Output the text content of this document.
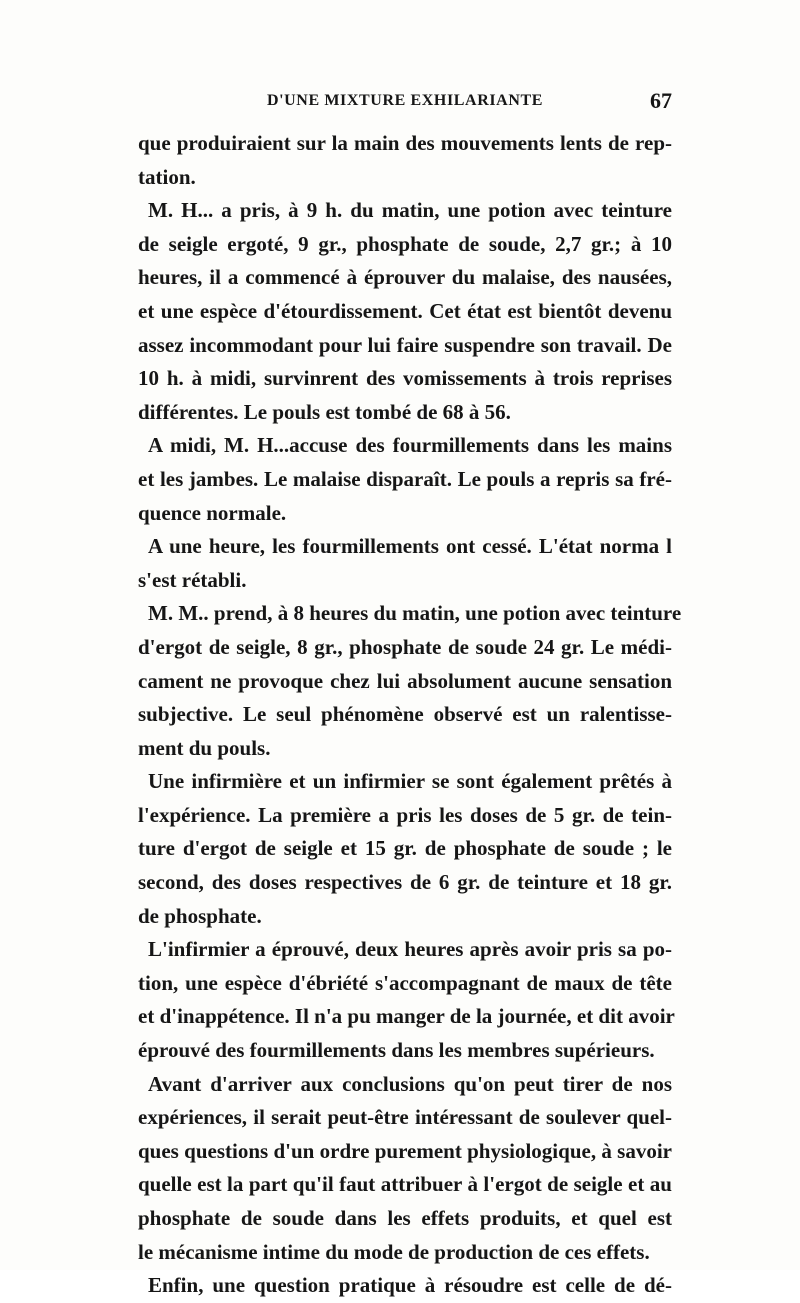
D'UNE MIXTURE EXHILARIANTE	67
que produiraient sur la main des mouvements lents de rep-
tation.
M. H... a pris, à 9 h. du matin, une potion avec teinture
de seigle ergoté, 9 gr., phosphate de soude, 2,7 gr.; à 10
heures, il a commencé à éprouver du malaise, des nausées,
et une espèce d'étourdissement. Cet état est bientôt devenu
assez incommodant pour lui faire suspendre son travail. De
10 h. à midi, survinrent des vomissements à trois reprises
différentes. Le pouls est tombé de 68 à 56.
A midi, M. H...accuse des fourmillements dans les mains
et les jambes. Le malaise disparaît. Le pouls a repris sa fré-
quence normale.
A une heure, les fourmillements ont cessé. L'état norma l
s'est rétabli.
M. M.. prend, à 8 heures du matin, une potion avec teinture
d'ergot de seigle, 8 gr., phosphate de soude 24 gr. Le médi-
cament ne provoque chez lui absolument aucune sensation
subjective. Le seul phénomène observé est un ralentisse-
ment du pouls.
Une infirmière et un infirmier se sont également prêtés à
l'expérience. La première a pris les doses de 5 gr. de tein-
ture d'ergot de seigle et 15 gr. de phosphate de soude ; le
second, des doses respectives de 6 gr. de teinture et 18 gr.
de phosphate.
L'infirmier a éprouvé, deux heures après avoir pris sa po-
tion, une espèce d'ébriété s'accompagnant de maux de tête
et d'inappétence. Il n'a pu manger de la journée, et dit avoir
éprouvé des fourmillements dans les membres supérieurs.
Avant d'arriver aux conclusions qu'on peut tirer de nos
expériences, il serait peut-être intéressant de soulever quel-
ques questions d'un ordre purement physiologique, à savoir
quelle est la part qu'il faut attribuer à l'ergot de seigle et au
phosphate de soude dans les effets produits, et quel est
le mécanisme intime du mode de production de ces effets.
Enfin, une question pratique à résoudre est celle de dé-
